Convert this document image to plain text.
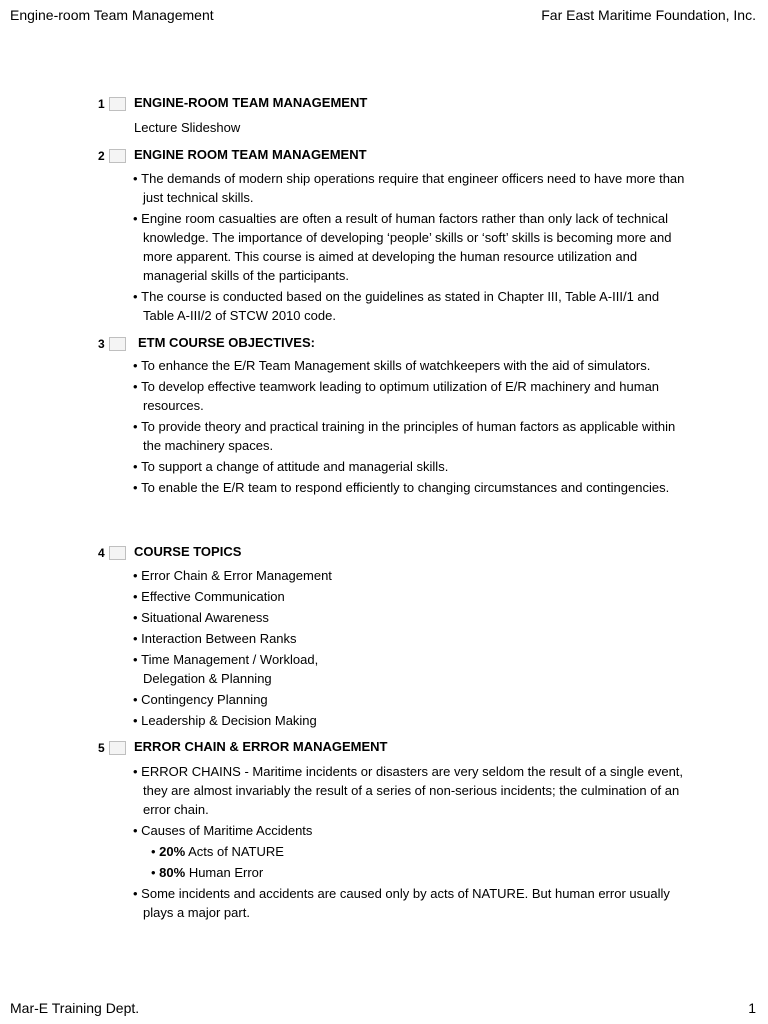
Engine-room Team Management	Far East Maritime Foundation, Inc.
1 ENGINE-ROOM TEAM MANAGEMENT
Lecture Slideshow
2 ENGINE ROOM TEAM MANAGEMENT
• The demands of modern ship operations require that engineer officers need to have more than just technical skills.
• Engine room casualties are often a result of human factors rather than only lack of technical knowledge. The importance of developing ‘people’ skills or ‘soft’ skills is becoming more and more apparent. This course is aimed at developing the human resource utilization and managerial skills of the participants.
• The course is conducted based on the guidelines as stated in Chapter III, Table A-III/1 and Table A-III/2 of STCW 2010 code.
3	ETM COURSE OBJECTIVES:
• To enhance the E/R Team Management skills of watchkeepers with the aid of simulators.
• To develop effective teamwork leading to optimum utilization of E/R machinery and human resources.
• To provide theory and practical training in the principles of human factors as applicable within the machinery spaces.
• To support a change of attitude and managerial skills.
• To enable the E/R team to respond efficiently to changing circumstances and contingencies.
4 COURSE TOPICS
• Error Chain & Error Management
• Effective Communication
• Situational Awareness
• Interaction Between Ranks
• Time Management / Workload, Delegation & Planning
• Contingency Planning
• Leadership & Decision Making
5 ERROR CHAIN & ERROR MANAGEMENT
• ERROR CHAINS - Maritime incidents or disasters are very seldom the result of a single event, they are almost invariably the result of a series of non-serious incidents; the culmination of an error chain.
• Causes of Maritime Accidents
• 20% Acts of NATURE
• 80% Human Error
• Some incidents and accidents are caused only by acts of NATURE. But human error usually plays a major part.
Mar-E Training Dept.	1
